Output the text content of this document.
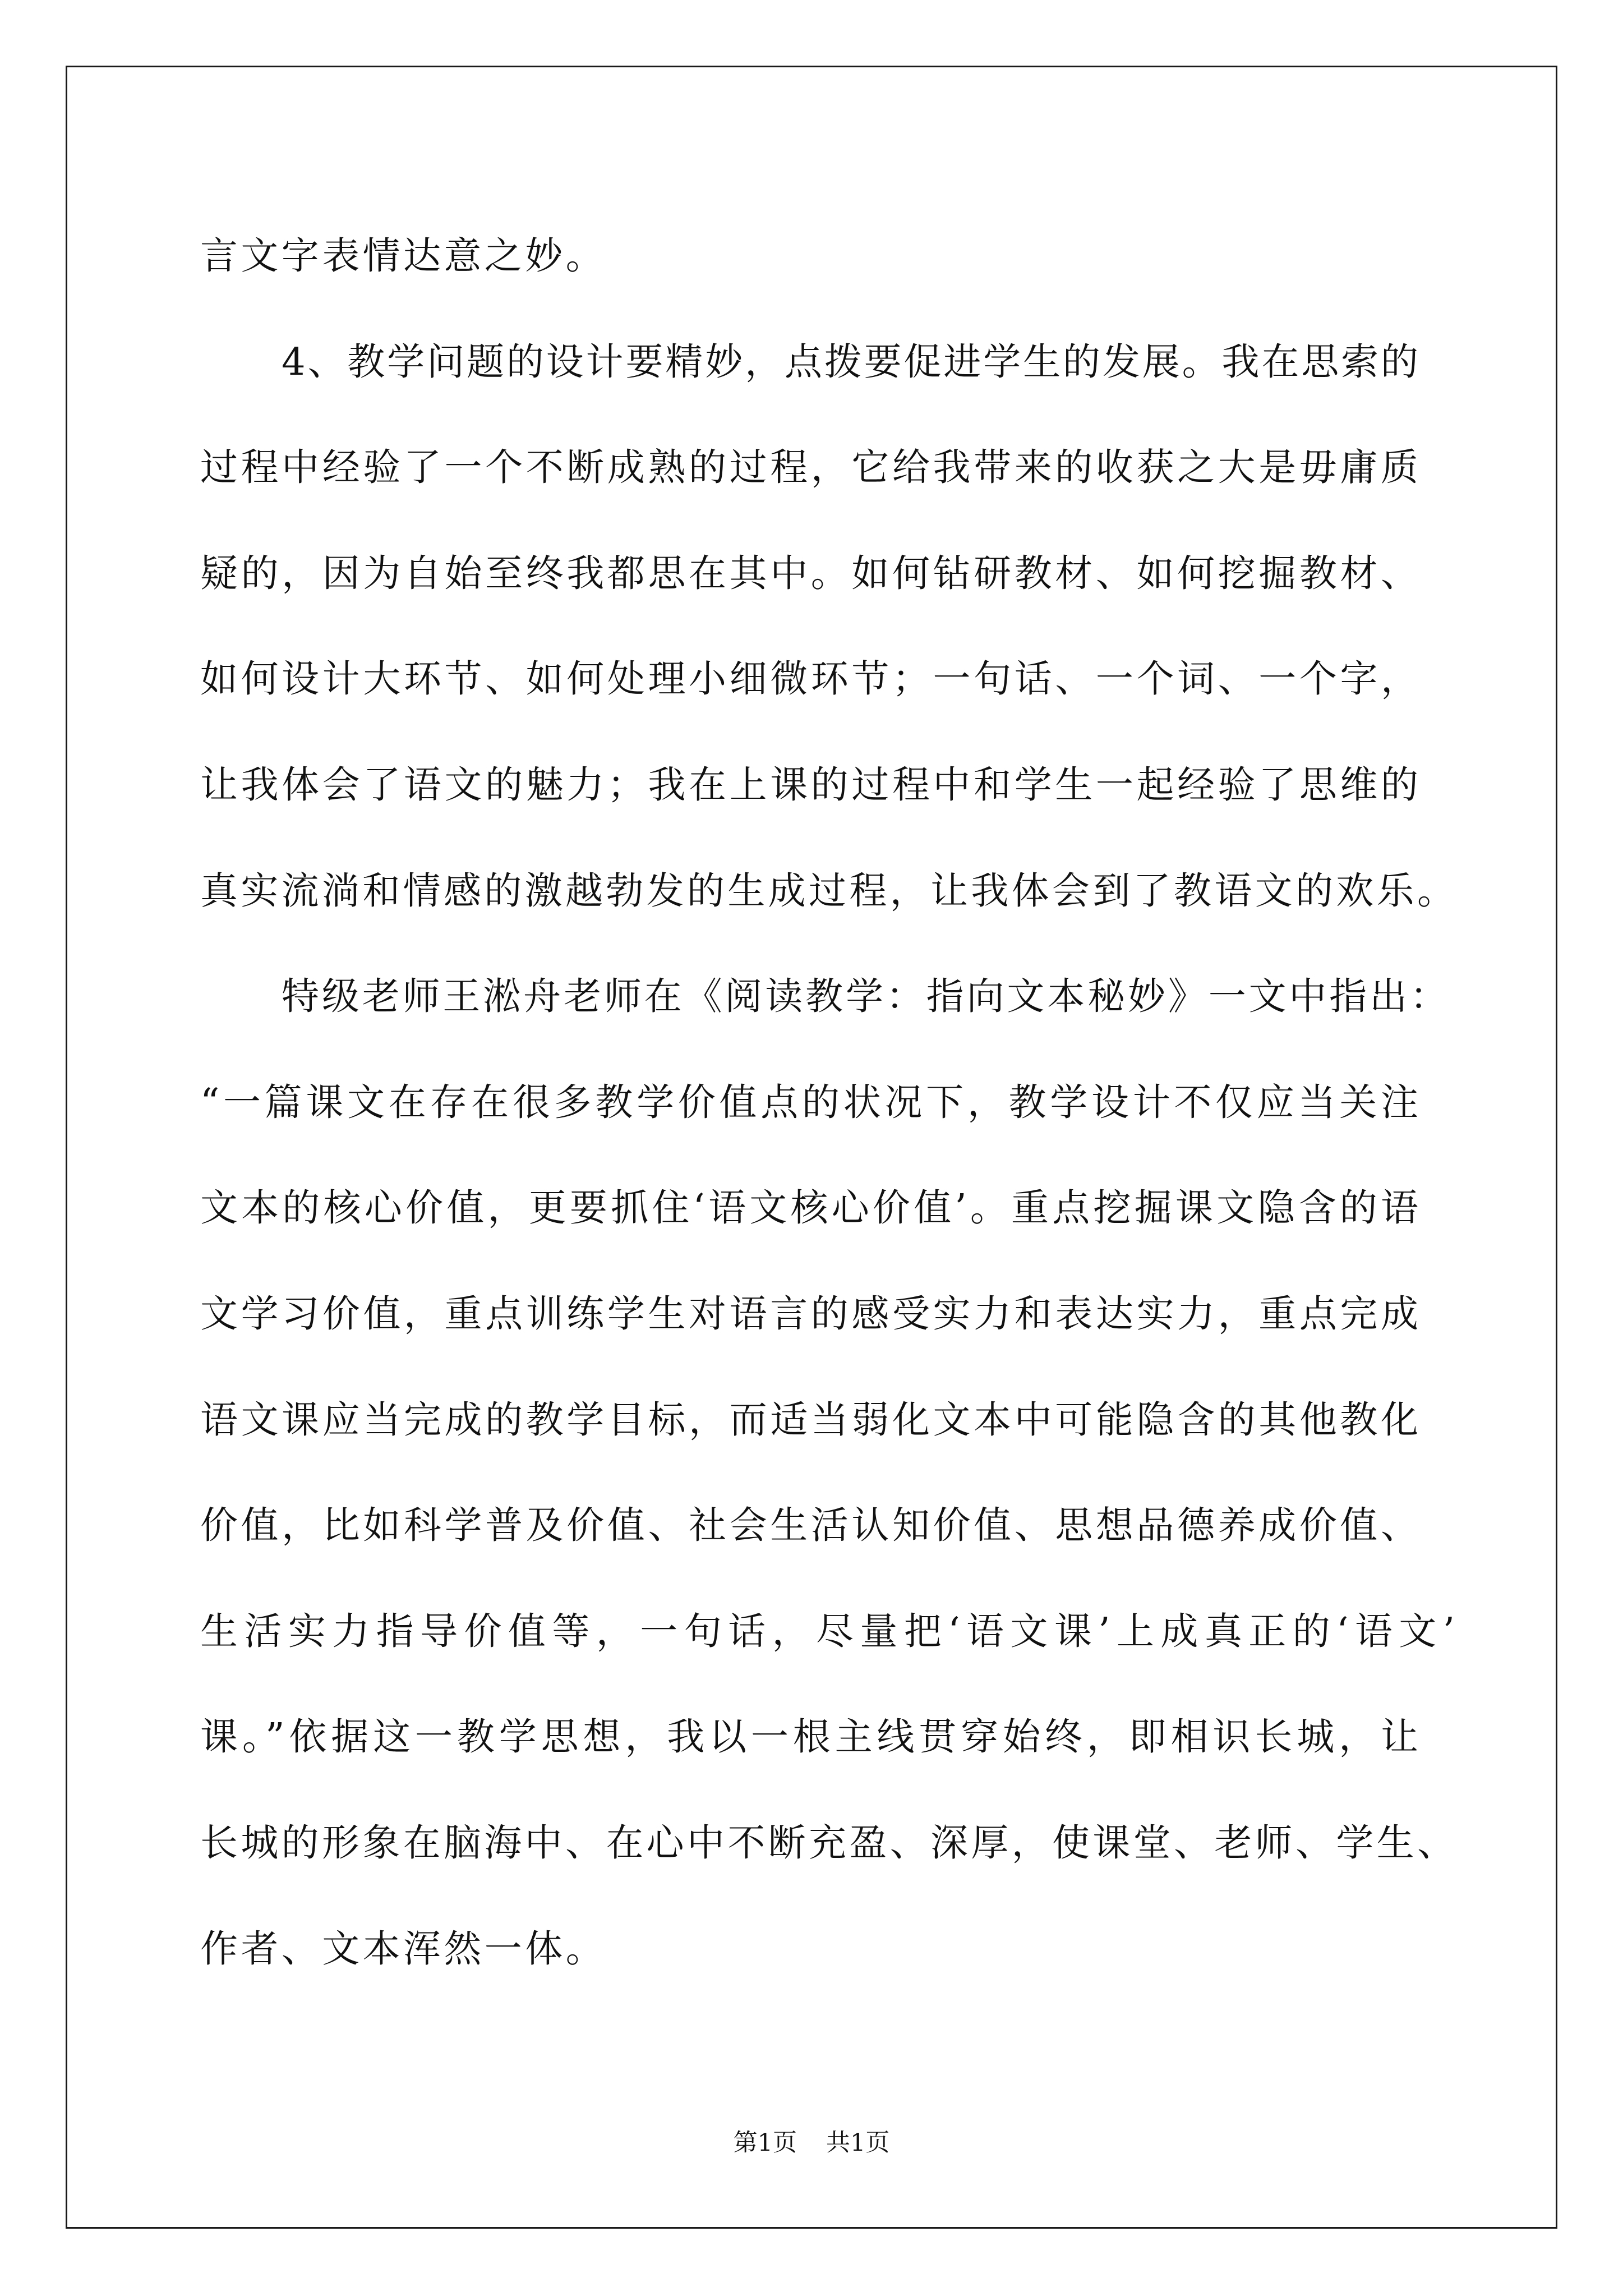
言文字表情达意之妙。
4、教学问题的设计要精妙，点拨要促进学生的发展。我在思索的
过程中经验了一个不断成熟的过程，它给我带来的收获之大是毋庸质
疑的，因为自始至终我都思在其中。如何钻研教材、如何挖掘教材、
如何设计大环节、如何处理小细微环节；一句话、一个词、一个字，
让我体会了语文的魅力；我在上课的过程中和学生一起经验了思维的
真实流淌和情感的激越勃发的生成过程，让我体会到了教语文的欢乐。
特级老师王淞舟老师在《阅读教学：指向文本秘妙》一文中指出：
“一篇课文在存在很多教学价值点的状况下，教学设计不仅应当关注
文本的核心价值，更要抓住‘语文核心价值’。重点挖掘课文隐含的语
文学习价值，重点训练学生对语言的感受实力和表达实力，重点完成
语文课应当完成的教学目标，而适当弱化文本中可能隐含的其他教化
价值，比如科学普及价值、社会生活认知价值、思想品德养成价值、
生活实力指导价值等，一句话，尽量把‘语文课’上成真正的‘语文’
课。”依据这一教学思想，我以一根主线贯穿始终，即相识长城，让
长城的形象在脑海中、在心中不断充盈、深厚，使课堂、老师、学生、
作者、文本浑然一体。
第1页 共1页
